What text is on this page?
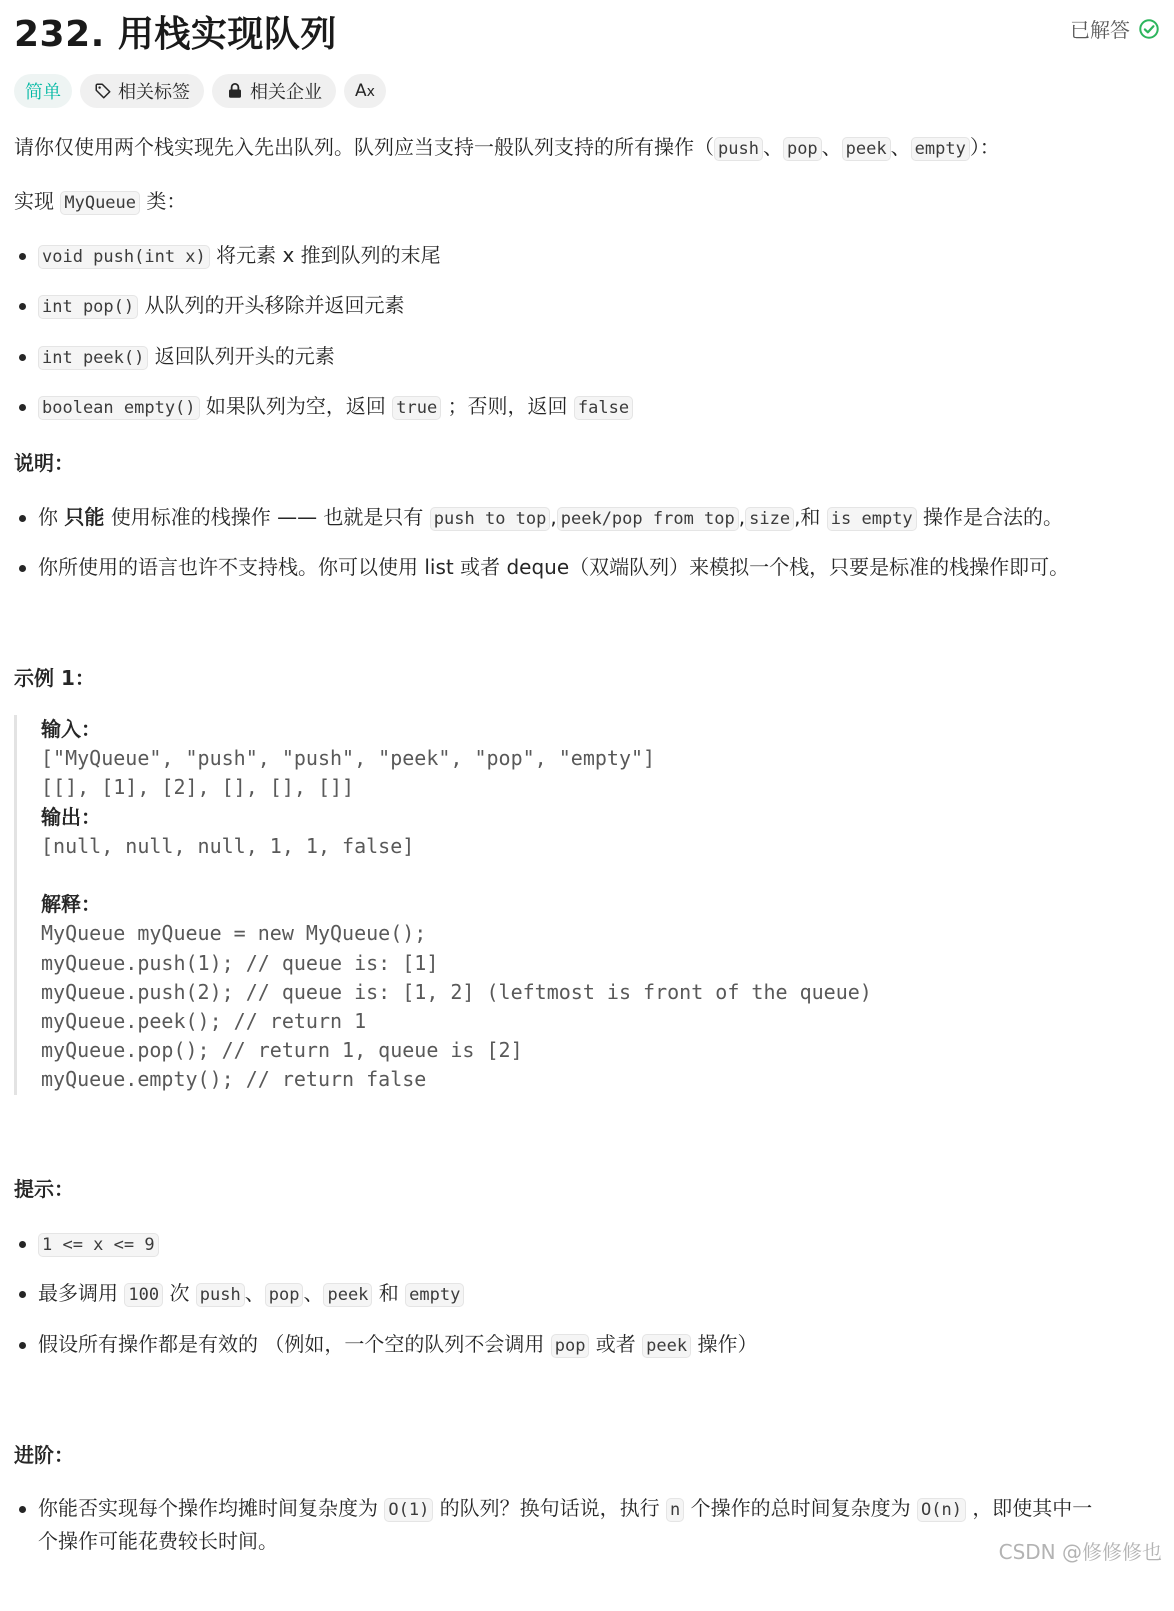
232. 用栈实现队列	已解答
简单	相关标签	相关企业 Ax
请你仅使用两个栈实现先入先出队列。队列应当支持一般队列支持的所有操作（ push 、 pop 、 peek 、 empty ）：
实现 MyQueue 类：
void push(int x) 将元素 x 推到队列的末尾
int pop() 从队列的开头移除并返回元素
int peek() 返回队列开头的元素
boolean empty() 如果队列为空，返回 true ；否则，返回 false
说明：
你 只能 使用标准的栈操作 —— 也就是只有 push to top , peek/pop from top , size ,和 is empty 操作是合法的。
你所使用的语言也许不支持栈。你可以使用 list 或者 deque（双端队列）来模拟一个栈，只要是标准的栈操作即可。
示例 1：
输入：
["MyQueue", "push", "push", "peek", "pop", "empty"]
[[], [1], [2], [], [], []]
输出：
[null, null, null, 1, 1, false]

解释：
MyQueue myQueue = new MyQueue();
myQueue.push(1); // queue is: [1]
myQueue.push(2); // queue is: [1, 2] (leftmost is front of the queue)
myQueue.peek(); // return 1
myQueue.pop(); // return 1, queue is [2]
myQueue.empty(); // return false
提示：
1 <= x <= 9
最多调用 100 次 push 、 pop 、 peek 和 empty
假设所有操作都是有效的 （例如，一个空的队列不会调用 pop 或者 peek 操作）
进阶：
你能否实现每个操作均摊时间复杂度为 O(1) 的队列？换句话说，执行 n 个操作的总时间复杂度为 O(n) ，即使其中一
个操作可能花费较长时间。	CSDN @修修修也
